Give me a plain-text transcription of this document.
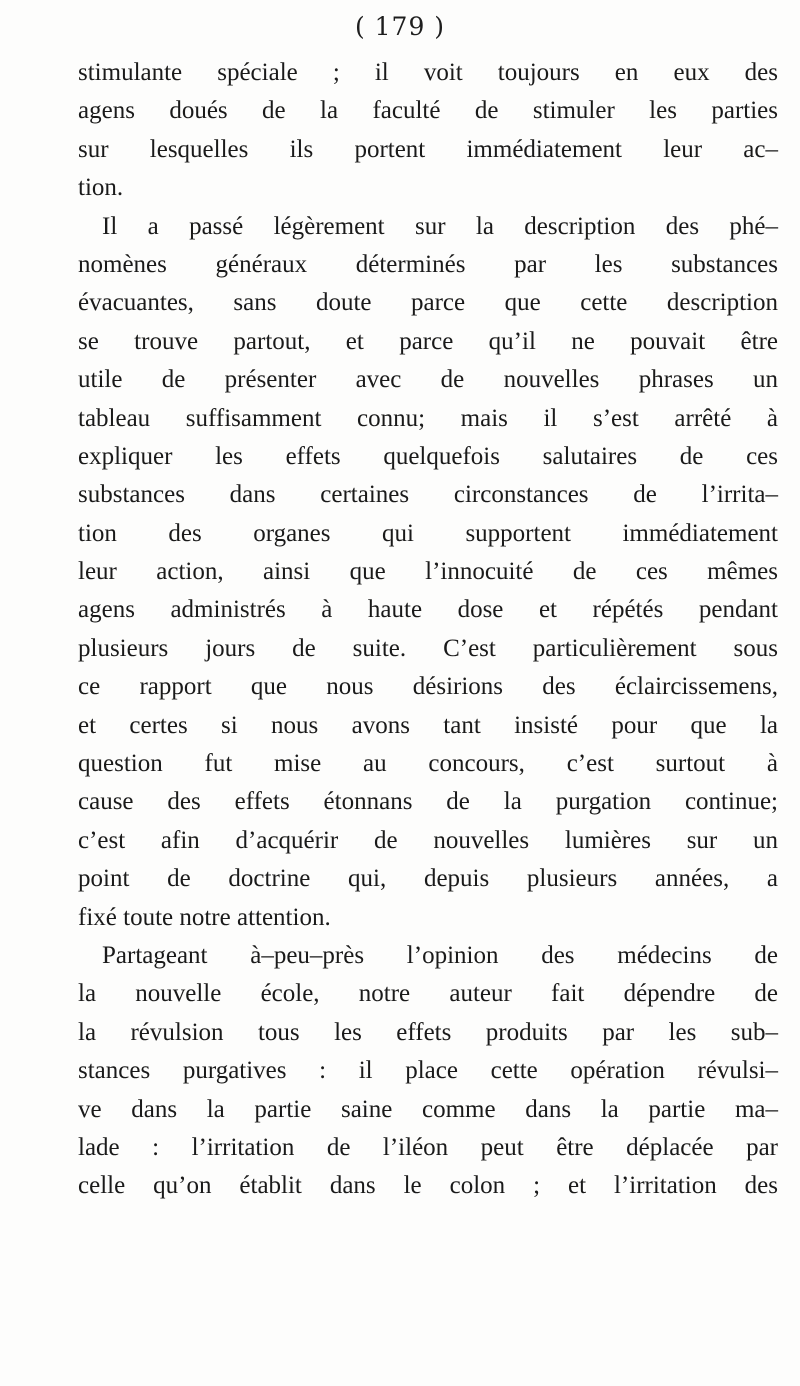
( 179 )
stimulante spéciale ; il voit toujours en eux des
agens doués de la faculté de stimuler les parties
sur lesquelles ils portent immédiatement leur ac–
tion.
Il a passé légèrement sur la description des phé–
nomènes généraux déterminés par les substances
évacuantes, sans doute parce que cette description
se trouve partout, et parce qu’il ne pouvait être
utile de présenter avec de nouvelles phrases un
tableau suffisamment connu; mais il s’est arrêté à
expliquer les effets quelquefois salutaires de ces
substances dans certaines circonstances de l’irrita–
tion des organes qui supportent immédiatement
leur action, ainsi que l’innocuité de ces mêmes
agens administrés à haute dose et répétés pendant
plusieurs jours de suite. C’est particulièrement sous
ce rapport que nous désirions des éclaircissemens,
et certes si nous avons tant insisté pour que la
question fut mise au concours, c’est surtout à
cause des effets étonnans de la purgation continue;
c’est afin d’acquérir de nouvelles lumières sur un
point de doctrine qui, depuis plusieurs années, a
fixé toute notre attention.
Partageant à–peu–près l’opinion des médecins de
la nouvelle école, notre auteur fait dépendre de
la révulsion tous les effets produits par les sub–
stances purgatives : il place cette opération révulsi–
ve dans la partie saine comme dans la partie ma–
lade : l’irritation de l’iléon peut être déplacée par
celle qu’on établit dans le colon ; et l’irritation des
